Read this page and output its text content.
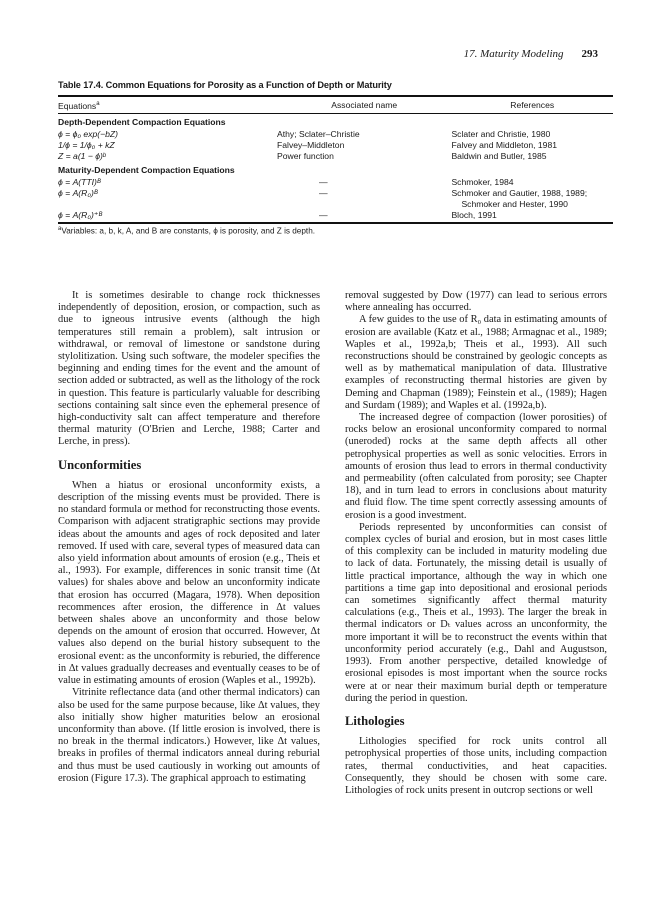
17. Maturity Modeling 293
Table 17.4. Common Equations for Porosity as a Function of Depth or Maturity
Equations$^a$	Associated name	References
Depth-Dependent Compaction Equations		
ϕ = ϕ₀ exp(−bZ)	Athy; Sclater–Christie	Sclater and Christie, 1980
1/ϕ = 1/ϕ₀ + kZ	Falvey–Middleton	Falvey and Middleton, 1981
Z = a(1 − ϕ)ᵇ	Power function	Baldwin and Butler, 1985
Maturity-Dependent Compaction Equations		
ϕ = A(TTI)ᴮ	—	Schmoker, 1984
ϕ = A(R₀)ᴮ	—	Schmoker and Gautier, 1988, 1989;
Schmoker and Hester, 1990

ϕ = A(R₀)⁺ᴮ	—	Bloch, 1991
$^a$Variables: a, b, k, A, and B are constants, ϕ is porosity, and Z is depth.

It is sometimes desirable to change rock thicknesses independently of deposition, erosion, or compaction, such as due to igneous intrusive events (although the high temperatures still remain a problem), salt intrusion or withdrawal, or removal of limestone or sandstone during stylolitization. Using such software, the modeler specifies the beginning and ending times for the event and the amount of section added or subtracted, as well as the lithology of the rock in question. This feature is particularly valuable for describing sections containing salt since even the ephemeral presence of high-conductivity salt can affect temperature and therefore thermal maturity (O'Brien and Lerche, 1988; Carter and Lerche, in press).

Unconformities

When a hiatus or erosional unconformity exists, a description of the missing events must be provided. There is no standard formula or method for reconstructing those events. Comparison with adjacent stratigraphic sections may provide ideas about the amounts and ages of rock deposited and later removed. If used with care, several types of measured data can also yield information about amounts of erosion (e.g., Theis et al., 1993). For example, differences in sonic transit time (Δt values) for shales above and below an unconformity indicate that erosion has occurred (Magara, 1978). When deposition recommences after erosion, the difference in Δt values between shales above an unconformity and those below depends on the amount of erosion that occurred. However, Δt values also depend on the burial history subsequent to the erosional event: as the unconformity is reburied, the difference in Δt values gradually decreases and eventually ceases to be of value in estimating amounts of erosion (Waples et al., 1992b).

Vitrinite reflectance data (and other thermal indicators) can also be used for the same purpose because, like Δt values, they also initially show higher maturities below an erosional unconformity than above. (If little erosion is involved, there is no break in the thermal indicators.) However, like Δt values, breaks in profiles of thermal indicators anneal during reburial and thus must be used cautiously in working out amounts of erosion (Figure 17.3). The graphical approach to estimating

removal suggested by Dow (1977) can lead to serious errors where annealing has occurred.

A few guides to the use of R₀ data in estimating amounts of erosion are available (Katz et al., 1988; Armagnac et al., 1989; Waples et al., 1992a,b; Theis et al., 1993). All such reconstructions should be constrained by geologic concepts as well as by mathematical manipulation of data. Illustrative examples of reconstructing thermal histories are given by Deming and Chapman (1989); Feinstein et al., (1989); Hagen and Surdam (1989); and Waples et al. (1992a,b).

The increased degree of compaction (lower porosities) of rocks below an erosional unconformity compared to normal (uneroded) rocks at the same depth affects all other petrophysical properties as well as sonic velocities. Errors in amounts of erosion thus lead to errors in thermal conductivity and permeability (often calculated from porosity; see Chapter 18), and in turn lead to errors in conclusions about maturity and fluid flow. The time spent correctly assessing amounts of erosion is a good investment.

Periods represented by unconformities can consist of complex cycles of burial and erosion, but in most cases little of this complexity can be included in maturity modeling due to lack of data. Fortunately, the missing detail is usually of little practical importance, although the way in which one partitions a time gap into depositional and erosional periods can sometimes significantly affect thermal maturity calculations (e.g., Theis et al., 1993). The larger the break in thermal indicators or Dₜ values across an unconformity, the more important it will be to reconstruct the events within that unconformity period accurately (e.g., Dahl and Augustson, 1993). From another perspective, detailed knowledge of erosional episodes is most important when the source rocks were at or near their maximum burial depth or temperature during the period in question.

Lithologies

Lithologies specified for rock units control all petrophysical properties of those units, including compaction rates, thermal conductivities, and heat capacities. Consequently, they should be chosen with some care. Lithologies of rock units present in outcrop sections or well
